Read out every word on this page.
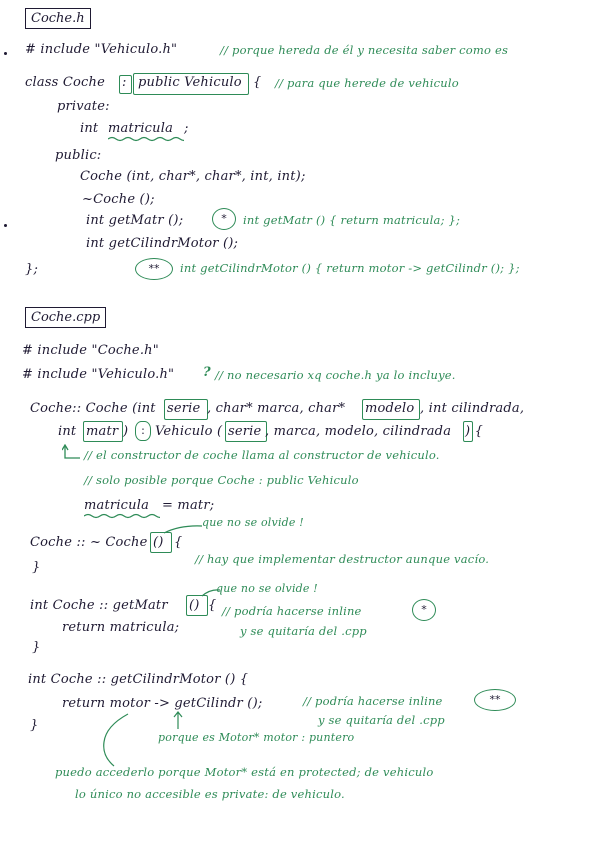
Coche.h
# include "Vehiculo.h"	// porque hereda de él y necesita saber como es
class Coche : public Vehiculo { // para que herede de vehiculo
private:
int matricula ;
public:
Coche (int, char*, char*, int, int);
~Coche ();
int getMatr ();	*	int getMatr () { return matricula; };
int getCilindrMotor ();
};	**	int getCilindrMotor () { return motor -> getCilindr (); };
Coche.cpp
# include "Coche.h"
# include "Vehiculo.h" ? // no necesario xq coche.h ya lo incluye.
Coche:: Coche (int serie , char* marca, char* modelo , int cilindrada,
int matr )	: Vehiculo ( serie , marca, modelo, cilindrada ) {
// el constructor de coche llama al constructor de vehiculo.
// solo posible porque Coche : public Vehiculo
matricula = matr;
Coche :: ~ Coche () {
que no se olvide !
// hay que implementar destructor aunque vacío.
}
que no se olvide !
int Coche :: getMatr () {
return matricula;
// podría hacerse inline	*
y se quitaría del .cpp
}
int Coche :: getCilindrMotor () {
return motor -> getCilindr ();	// podría hacerse inline	**
y se quitaría del .cpp
}
porque es Motor* motor : puntero
puedo accederlo porque Motor* está en protected; de vehiculo
lo único no accesible es private: de vehiculo.
